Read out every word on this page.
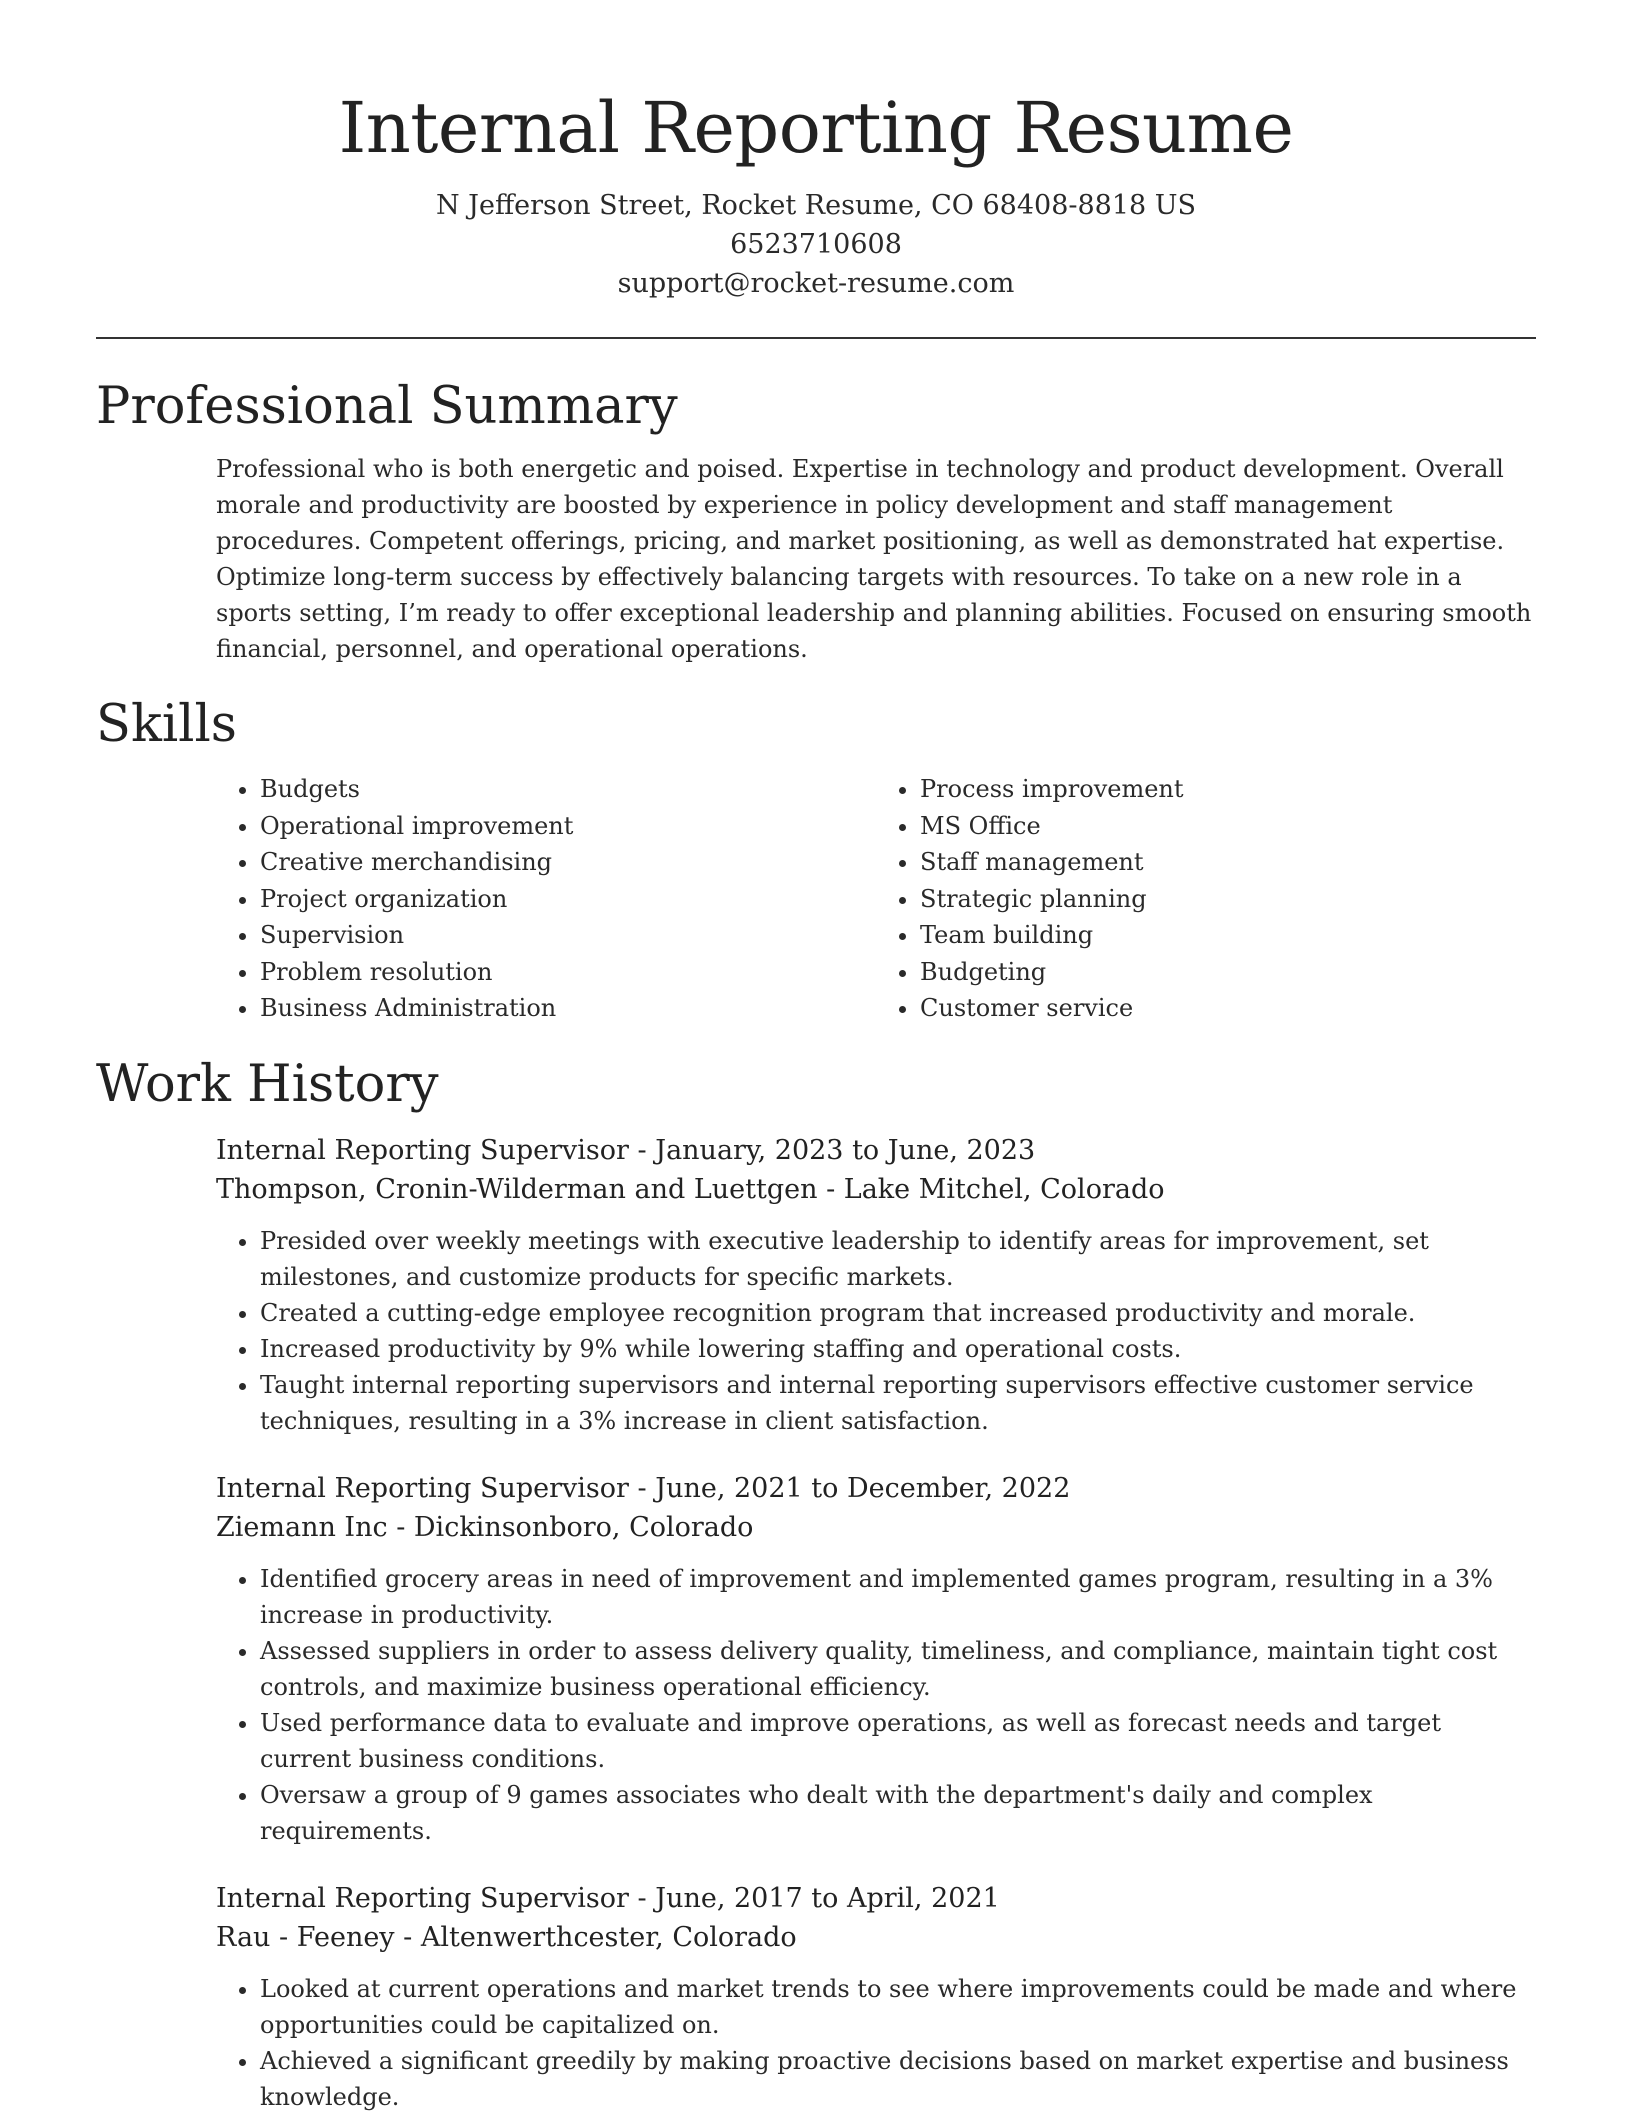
Internal Reporting Resume
N Jefferson Street, Rocket Resume, CO 68408-8818 US
6523710608
support@rocket-resume.com
Professional Summary

Professional who is both energetic and poised. Expertise in technology and product development. Overall morale and productivity are boosted by experience in policy development and staff management procedures. Competent offerings, pricing, and market positioning, as well as demonstrated hat expertise. Optimize long-term success by effectively balancing targets with resources. To take on a new role in a sports setting, I’m ready to offer exceptional leadership and planning abilities. Focused on ensuring smooth financial, personnel, and operational operations.

Skills
• Budgets
• Operational improvement
• Creative merchandising
• Project organization
• Supervision
• Problem resolution
• Business Administration
• Process improvement
• MS Office
• Staff management
• Strategic planning
• Team building
• Budgeting
• Customer service
Work History
Internal Reporting Supervisor - January, 2023 to June, 2023
Thompson, Cronin-Wilderman and Luettgen - Lake Mitchel, Colorado
• Presided over weekly meetings with executive leadership to identify areas for improvement, set milestones, and customize products for specific markets.
• Created a cutting-edge employee recognition program that increased productivity and morale.
• Increased productivity by 9% while lowering staffing and operational costs.
• Taught internal reporting supervisors and internal reporting supervisors effective customer service techniques, resulting in a 3% increase in client satisfaction.
Internal Reporting Supervisor - June, 2021 to December, 2022
Ziemann Inc - Dickinsonboro, Colorado
• Identified grocery areas in need of improvement and implemented games program, resulting in a 3% increase in productivity.
• Assessed suppliers in order to assess delivery quality, timeliness, and compliance, maintain tight cost controls, and maximize business operational efficiency.
• Used performance data to evaluate and improve operations, as well as forecast needs and target current business conditions.
• Oversaw a group of 9 games associates who dealt with the department's daily and complex requirements.
Internal Reporting Supervisor - June, 2017 to April, 2021
Rau - Feeney - Altenwerthcester, Colorado
• Looked at current operations and market trends to see where improvements could be made and where opportunities could be capitalized on.
• Achieved a significant greedily by making proactive decisions based on market expertise and business knowledge.
